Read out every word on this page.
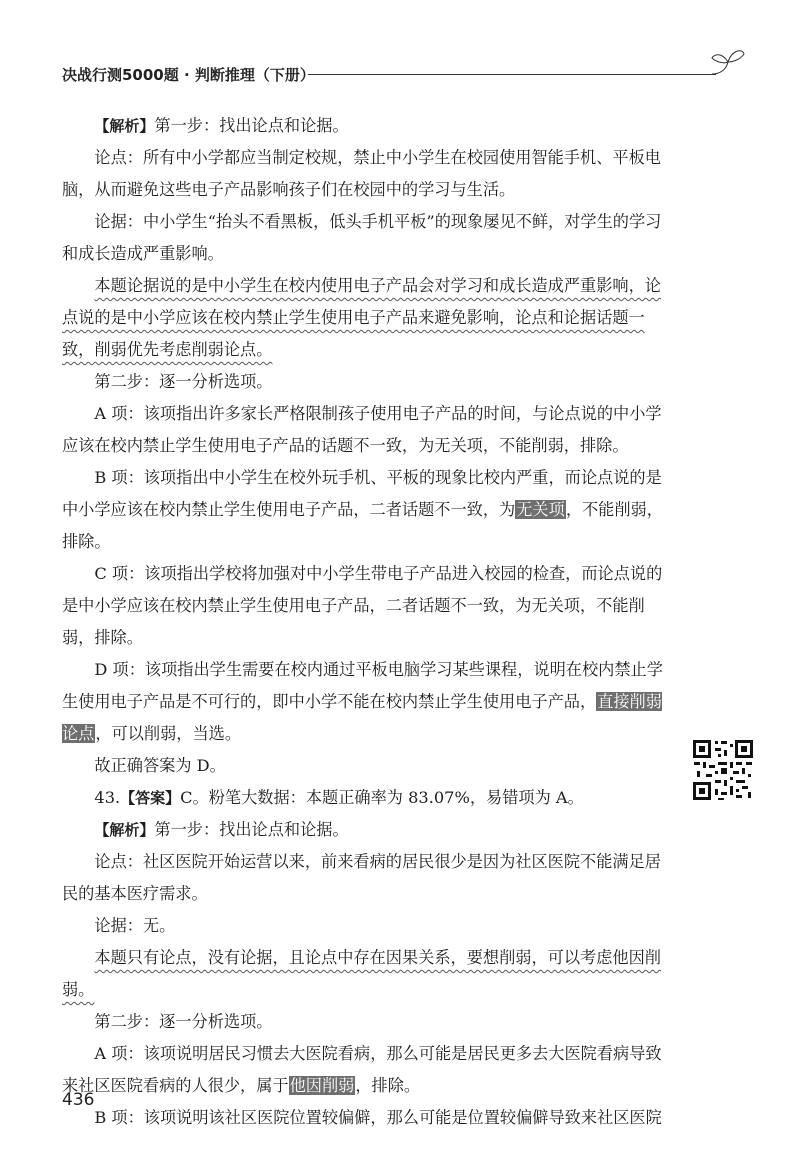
决战行测5000题 · 判断推理（下册）

【解析】第一步：找出论点和论据。

论点：所有中小学都应当制定校规，禁止中小学生在校园使用智能手机、平板电脑，从而避免这些电子产品影响孩子们在校园中的学习与生活。

论据：中小学生“抬头不看黑板，低头手机平板”的现象屡见不鲜，对学生的学习和成长造成严重影响。

本题论据说的是中小学生在校内使用电子产品会对学习和成长造成严重影响，论点说的是中小学应该在校内禁止学生使用电子产品来避免影响，论点和论据话题一致，削弱优先考虑削弱论点。

第二步：逐一分析选项。

A 项：该项指出许多家长严格限制孩子使用电子产品的时间，与论点说的中小学应该在校内禁止学生使用电子产品的话题不一致，为无关项，不能削弱，排除。

B 项：该项指出中小学生在校外玩手机、平板的现象比校内严重，而论点说的是中小学应该在校内禁止学生使用电子产品，二者话题不一致，为无关项，不能削弱，排除。

C 项：该项指出学校将加强对中小学生带电子产品进入校园的检查，而论点说的是中小学应该在校内禁止学生使用电子产品，二者话题不一致，为无关项，不能削弱，排除。

D 项：该项指出学生需要在校内通过平板电脑学习某些课程，说明在校内禁止学生使用电子产品是不可行的，即中小学不能在校内禁止学生使用电子产品，直接削弱论点，可以削弱，当选。

故正确答案为 D。

43.【答案】C。粉笔大数据：本题正确率为 83.07%，易错项为 A。

【解析】第一步：找出论点和论据。

论点：社区医院开始运营以来，前来看病的居民很少是因为社区医院不能满足居民的基本医疗需求。

论据：无。

本题只有论点，没有论据，且论点中存在因果关系，要想削弱，可以考虑他因削弱。

第二步：逐一分析选项。

A 项：该项说明居民习惯去大医院看病，那么可能是居民更多去大医院看病导致来社区医院看病的人很少，属于他因削弱，排除。

B 项：该项说明该社区医院位置较偏僻，那么可能是位置较偏僻导致来社区医院

436
